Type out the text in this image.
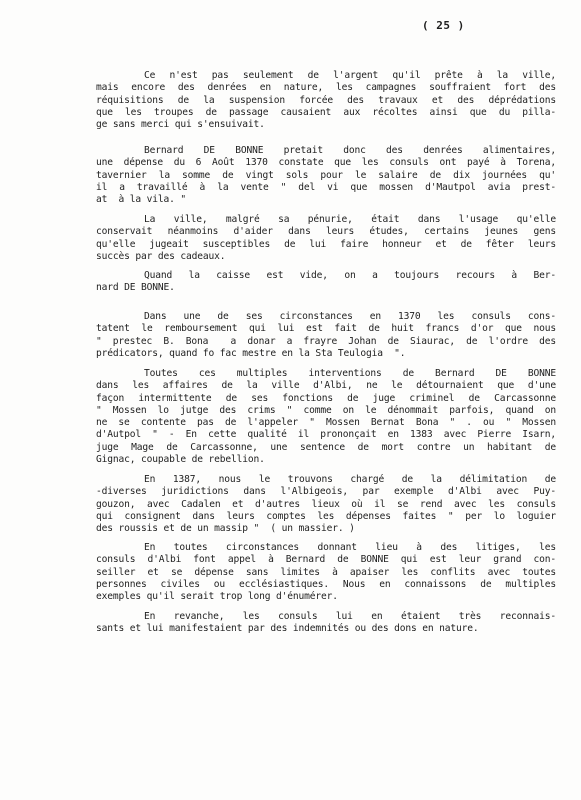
( 25 )
Ce n'est pas seulement de l'argent qu'il prête à la ville,
mais encore des denrées en nature, les campagnes souffraient fort des
réquisitions de la suspension forcée des travaux et des déprédations
que les troupes de passage causaient aux récoltes ainsi que du pilla-
ge sans merci qui s'ensuivait.
Bernard DE BONNE pretait donc des denrées alimentaires,
une dépense du 6 Août 1370 constate que les consuls ont payé à Torena,
tavernier la somme de vingt sols pour le salaire de dix journées qu'
il a travaillé à la vente " del vi que mossen d'Mautpol avia prest-
at  à la vila. "
La ville, malgré sa pénurie, était dans l'usage qu'elle
conservait néanmoins d'aider dans leurs études, certains jeunes gens
qu'elle jugeait susceptibles de lui faire honneur et de fêter leurs
succès par des cadeaux.
Quand la caisse est vide, on a toujours recours à Ber-
nard DE BONNE.
Dans une de ses circonstances en 1370 les consuls cons-
tatent le remboursement qui lui est fait de huit francs d'or que nous
" prestec B. Bona  a donar a frayre Johan de Siaurac, de l'ordre des
prédicators, quand fo fac mestre en la Sta Teulogia  ".
Toutes ces multiples interventions de Bernard DE BONNE
dans les affaires de la ville d'Albi, ne le détournaient que d'une
façon intermittente de ses fonctions de juge criminel de Carcassonne
" Mossen lo jutge des crims " comme on le dénommait parfois, quand on
ne se contente pas de l'appeler " Mossen Bernat Bona " . ou " Mossen
d'Autpol " - En cette qualité il prononçait en 1383 avec Pierre Isarn,
juge Mage de Carcassonne, une sentence de mort contre un habitant de
Gignac, coupable de rebellion.
En 1387, nous le trouvons chargé de la délimitation de
-diverses juridictions dans l'Albigeois, par exemple d'Albi avec Puy-
gouzon, avec Cadalen et d'autres lieux où il se rend avec les consuls
qui consignent dans leurs comptes les dépenses faites " per lo loguier
des roussis et de un massip "  ( un massier. )
En toutes circonstances donnant lieu à des litiges, les
consuls d'Albi font appel à Bernard de BONNE qui est leur grand con-
seiller et se dépense sans limites à apaiser les conflits avec toutes
personnes civiles ou ecclésiastiques. Nous en connaissons de multiples
exemples qu'il serait trop long d'énumérer.
En revanche, les consuls lui en étaient très reconnais-
sants et lui manifestaient par des indemnités ou des dons en nature.
